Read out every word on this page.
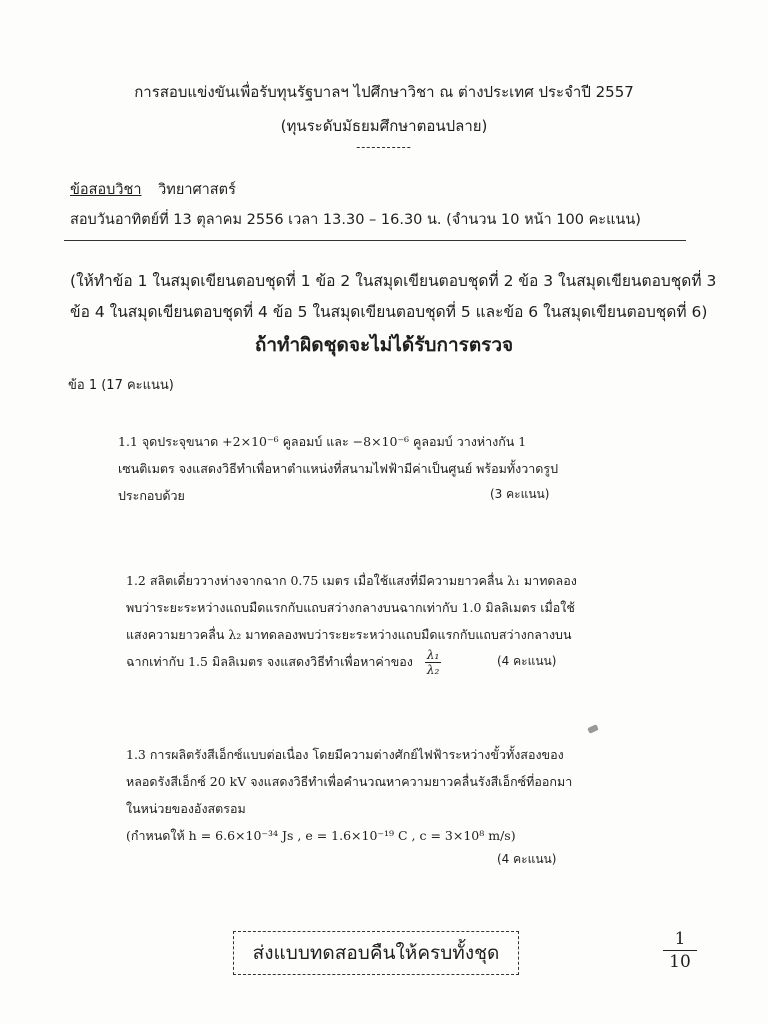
การสอบแข่งขันเพื่อรับทุนรัฐบาลฯ ไปศึกษาวิชา ณ ต่างประเทศ ประจำปี 2557
(ทุนระดับมัธยมศึกษาตอนปลาย)
-----------
ข้อสอบวิชา วิทยาศาสตร์
สอบวันอาทิตย์ที่ 13 ตุลาคม 2556 เวลา 13.30 – 16.30 น. (จำนวน 10 หน้า 100 คะแนน)
(ให้ทำข้อ 1 ในสมุดเขียนตอบชุดที่ 1 ข้อ 2 ในสมุดเขียนตอบชุดที่ 2 ข้อ 3 ในสมุดเขียนตอบชุดที่ 3
ข้อ 4 ในสมุดเขียนตอบชุดที่ 4 ข้อ 5 ในสมุดเขียนตอบชุดที่ 5 และข้อ 6 ในสมุดเขียนตอบชุดที่ 6)
ถ้าทำผิดชุดจะไม่ได้รับการตรวจ
ข้อ 1 (17 คะแนน)
1.1 จุดประจุขนาด +2×10⁻⁶ คูลอมบ์ และ −8×10⁻⁶ คูลอมบ์ วางห่างกัน 1
เซนติเมตร จงแสดงวิธีทำเพื่อหาตำแหน่งที่สนามไฟฟ้ามีค่าเป็นศูนย์ พร้อมทั้งวาดรูป
ประกอบด้วย	(3 คะแนน)
1.2 สลิตเดี่ยววางห่างจากฉาก 0.75 เมตร เมื่อใช้แสงที่มีความยาวคลื่น λ₁ มาทดลอง
พบว่าระยะระหว่างแถบมืดแรกกับแถบสว่างกลางบนฉากเท่ากับ 1.0 มิลลิเมตร เมื่อใช้
แสงความยาวคลื่น λ₂ มาทดลองพบว่าระยะระหว่างแถบมืดแรกกับแถบสว่างกลางบน
ฉากเท่ากับ 1.5 มิลลิเมตร จงแสดงวิธีทำเพื่อหาค่าของ $\frac{\text{λ₁}}{\text{λ₂}}$	(4 คะแนน)
1.3 การผลิตรังสีเอ็กซ์แบบต่อเนื่อง โดยมีความต่างศักย์ไฟฟ้าระหว่างขั้วทั้งสองของ
หลอดรังสีเอ็กซ์ 20 kV จงแสดงวิธีทำเพื่อคำนวณหาความยาวคลื่นรังสีเอ็กซ์ที่ออกมา
ในหน่วยของอังสตรอม
(กำหนดให้ h = 6.6×10⁻³⁴ Js , e = 1.6×10⁻¹⁹ C , c = 3×10⁸ m/s)
(4 คะแนน)
ส่งแบบทดสอบคืนให้ครบทั้งชุด
1
10
